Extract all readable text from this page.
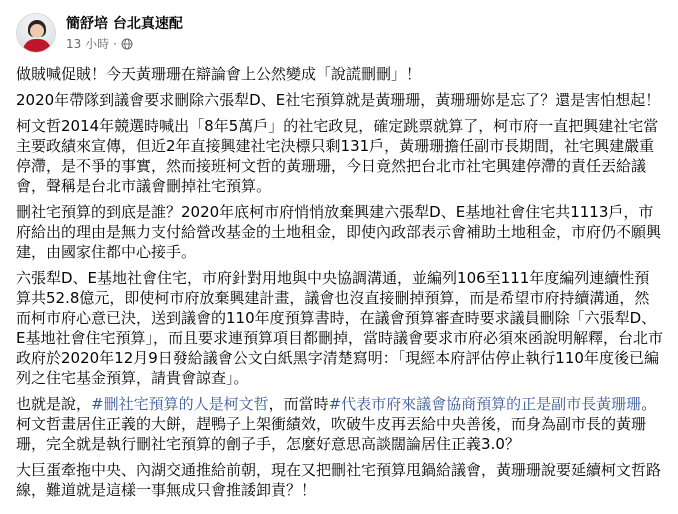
簡舒培 台北真速配
13 小時 ·

做賊喊促賊！今天黃珊珊在辯論會上公然變成「說謊刪刪」！

2020年帶隊到議會要求刪除六張犁D、E社宅預算就是黃珊珊，黃珊珊妳是忘了？還是害怕想起！

柯文哲2014年競選時喊出「8年5萬戶」的社宅政見，確定跳票就算了，柯市府一直把興建社宅當主要政績來宣傳，但近2年直接興建社宅決標只剩131戶，黃珊珊擔任副市長期間，社宅興建嚴重停滯，是不爭的事實，然而接班柯文哲的黃珊珊，今日竟然把台北市社宅興建停滯的責任丟給議會，聲稱是台北市議會刪掉社宅預算。

刪社宅預算的到底是誰？2020年底柯市府悄悄放棄興建六張犁D、E基地社會住宅共1113戶，市府給出的理由是無力支付給營改基金的土地租金，即使內政部表示會補助土地租金，市府仍不願興建，由國家住都中心接手。

六張犁D、E基地社會住宅，市府針對用地與中央協調溝通，並編列106至111年度編列連續性預算共52.8億元，即使柯市府放棄興建計畫，議會也沒直接刪掉預算，而是希望市府持續溝通，然而柯市府心意已決，送到議會的110年度預算書時，在議會預算審查時要求議員刪除「六張犁D、E基地社會住宅預算」，而且要求連預算項目都刪掉，當時議會要求市府必須來函說明解釋，台北市政府於2020年12月9日發給議會公文白紙黑字清楚寫明：「現經本府評估停止執行110年度後已編列之住宅基金預算，請貴會諒查」。

也就是說，#刪社宅預算的人是柯文哲，而當時#代表市府來議會協商預算的正是副市長黃珊珊。柯文哲畫居住正義的大餅，趕鴨子上架衝績效，吹破牛皮再丟給中央善後，而身為副市長的黃珊珊，完全就是執行刪社宅預算的劊子手，怎麼好意思高談闊論居住正義3.0？

大巨蛋牽拖中央、內湖交通推給前朝，現在又把刪社宅預算甩鍋給議會，黃珊珊說要延續柯文哲路線，難道就是這樣一事無成只會推諉卸責？！
